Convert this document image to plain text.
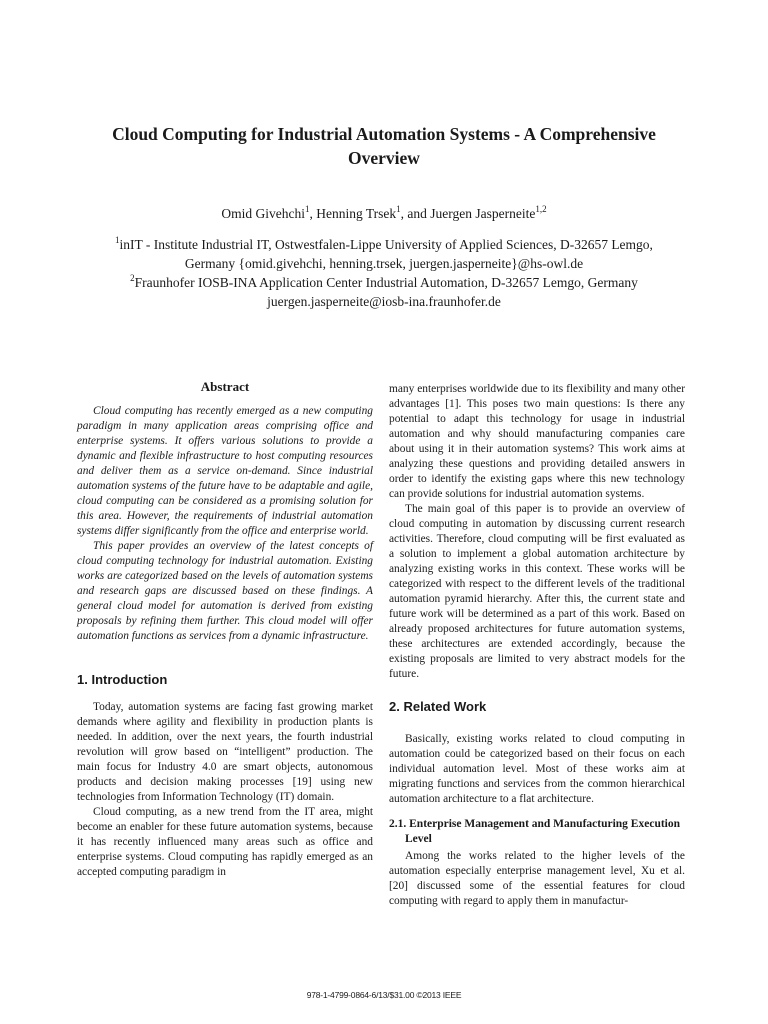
Cloud Computing for Industrial Automation Systems - A Comprehensive
Overview
Omid Givehchi$^1$, Henning Trsek$^1$, and Juergen Jasperneite$^{1,2}$
$^1$inIT - Institute Industrial IT, Ostwestfalen-Lippe University of Applied Sciences, D-32657 Lemgo,
Germany {omid.givehchi, henning.trsek, juergen.jasperneite}@hs-owl.de
$^2$Fraunhofer IOSB-INA Application Center Industrial Automation, D-32657 Lemgo, Germany
juergen.jasperneite@iosb-ina.fraunhofer.de
Abstract

Cloud computing has recently emerged as a new computing paradigm in many application areas comprising office and enterprise systems. It offers various solutions to provide a dynamic and flexible infrastructure to host computing resources and deliver them as a service on-demand. Since industrial automation systems of the future have to be adaptable and agile, cloud computing can be considered as a promising solution for this area. However, the requirements of industrial automation systems differ significantly from the office and enterprise world.

This paper provides an overview of the latest concepts of cloud computing technology for industrial automation. Existing works are categorized based on the levels of automation systems and research gaps are discussed based on these findings. A general cloud model for automation is derived from existing proposals by refining them further. This cloud model will offer automation functions as services from a dynamic infrastructure.

1. Introduction

Today, automation systems are facing fast growing market demands where agility and flexibility in production plants is needed. In addition, over the next years, the fourth industrial revolution will grow based on “intelligent” production. The main focus for Industry 4.0 are smart objects, autonomous products and decision making processes [19] using new technologies from Information Technology (IT) domain.

Cloud computing, as a new trend from the IT area, might become an enabler for these future automation systems, because it has recently influenced many areas such as office and enterprise systems. Cloud computing has rapidly emerged as an accepted computing paradigm in

many enterprises worldwide due to its flexibility and many other advantages [1]. This poses two main questions: Is there any potential to adapt this technology for usage in industrial automation and why should manufacturing companies care about using it in their automation systems? This work aims at analyzing these questions and providing detailed answers in order to identify the existing gaps where this new technology can provide solutions for industrial automation systems.

The main goal of this paper is to provide an overview of cloud computing in automation by discussing current research activities. Therefore, cloud computing will be first evaluated as a solution to implement a global automation architecture by analyzing existing works in this context. These works will be categorized with respect to the different levels of the traditional automation pyramid hierarchy. After this, the current state and future work will be determined as a part of this work. Based on already proposed architectures for future automation systems, these architectures are extended accordingly, because the existing proposals are limited to very abstract models for the future.

2. Related Work

Basically, existing works related to cloud computing in automation could be categorized based on their focus on each individual automation level. Most of these works aim at migrating functions and services from the common hierarchical automation architecture to a flat architecture.

2.1. Enterprise Management and Manufacturing Execution Level

Among the works related to the higher levels of the automation especially enterprise management level, Xu et al. [20] discussed some of the essential features for cloud computing with regard to apply them in manufactur-

978-1-4799-0864-6/13/$31.00 ©2013 IEEE
